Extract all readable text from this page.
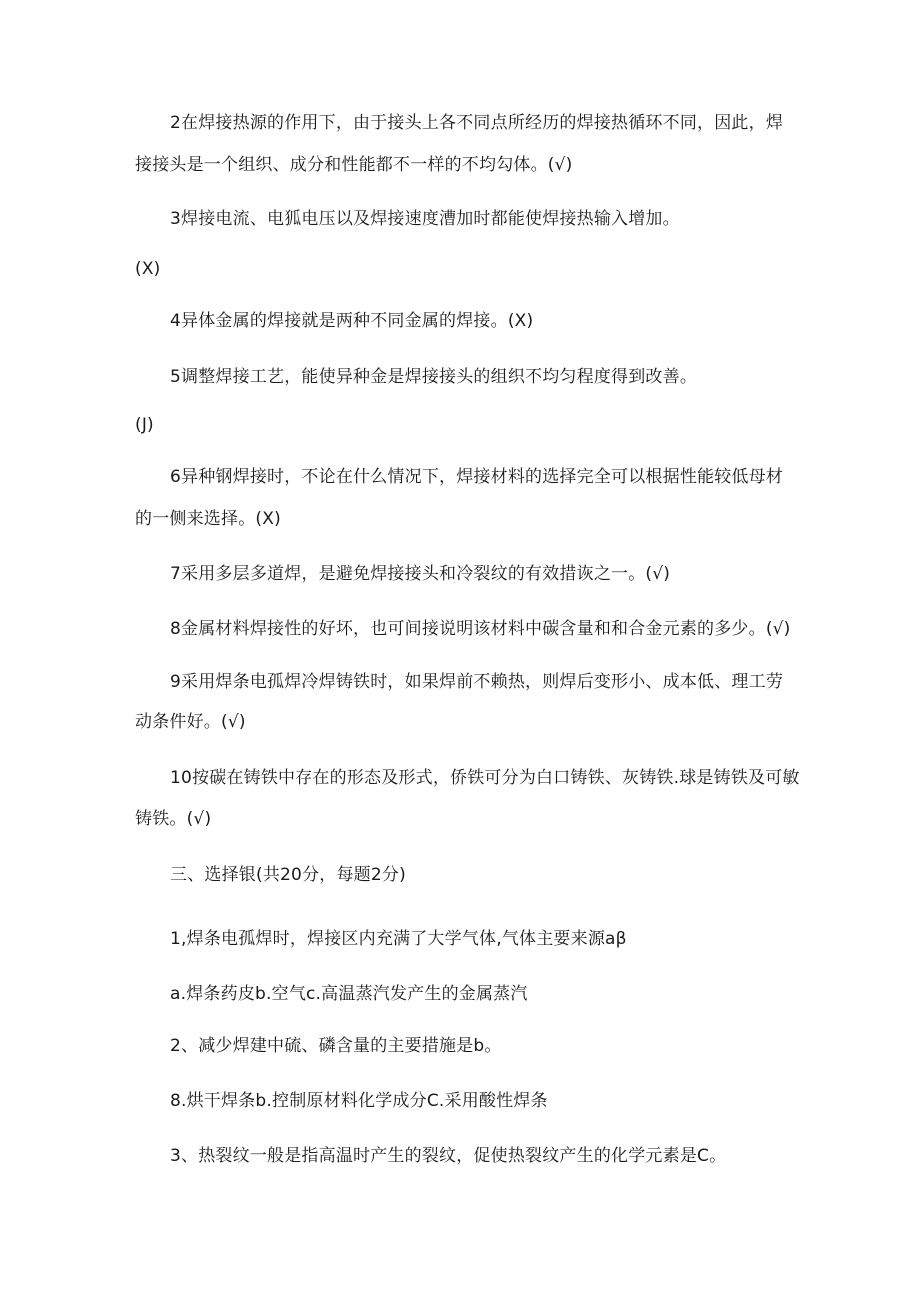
2在焊接热源的作用下，由于接头上各不同点所经历的焊接热循环不同，因此，焊
接接头是一个组织、成分和性能都不一样的不均勾体。(√)
3焊接电流、电狐电压以及焊接速度漕加时都能使焊接热输入增加。
(X)
4异体金属的焊接就是两种不同金属的焊接。(X)
5调整焊接工艺，能使异种金是焊接接头的组织不均匀程度得到改善。
(J)
6异种钢焊接时，不论在什么情况下，焊接材料的选择完全可以根据性能较低母材
的一侧来选择。(X)
7采用多层多道焊，是避免焊接接头和冷裂纹的有效措诙之一。(√)
8金属材料焊接性的好坏，也可间接说明该材料中碳含量和和合金元素的多少。(√)
9采用焊条电孤焊冷焊铸铁时，如果焊前不赖热，则焊后变形小、成本低、理工劳
动条件好。(√)
10按碳在铸铁中存在的形态及形式，侨铁可分为白口铸铁、灰铸铁.球是铸铁及可敏
铸铁。(√)
三、选择银(共20分，每题2分)
1,焊条电孤焊时，焊接区内充满了大学气体,气体主要来源aβ
a.焊条药皮b.空气c.高温蒸汽发产生的金属蒸汽
2、减少焊建中硫、磷含量的主要措施是b。
8.烘干焊条b.控制原材料化学成分C.采用酸性焊条
3、热裂纹一般是指高温时产生的裂纹，促使热裂纹产生的化学元素是C。
